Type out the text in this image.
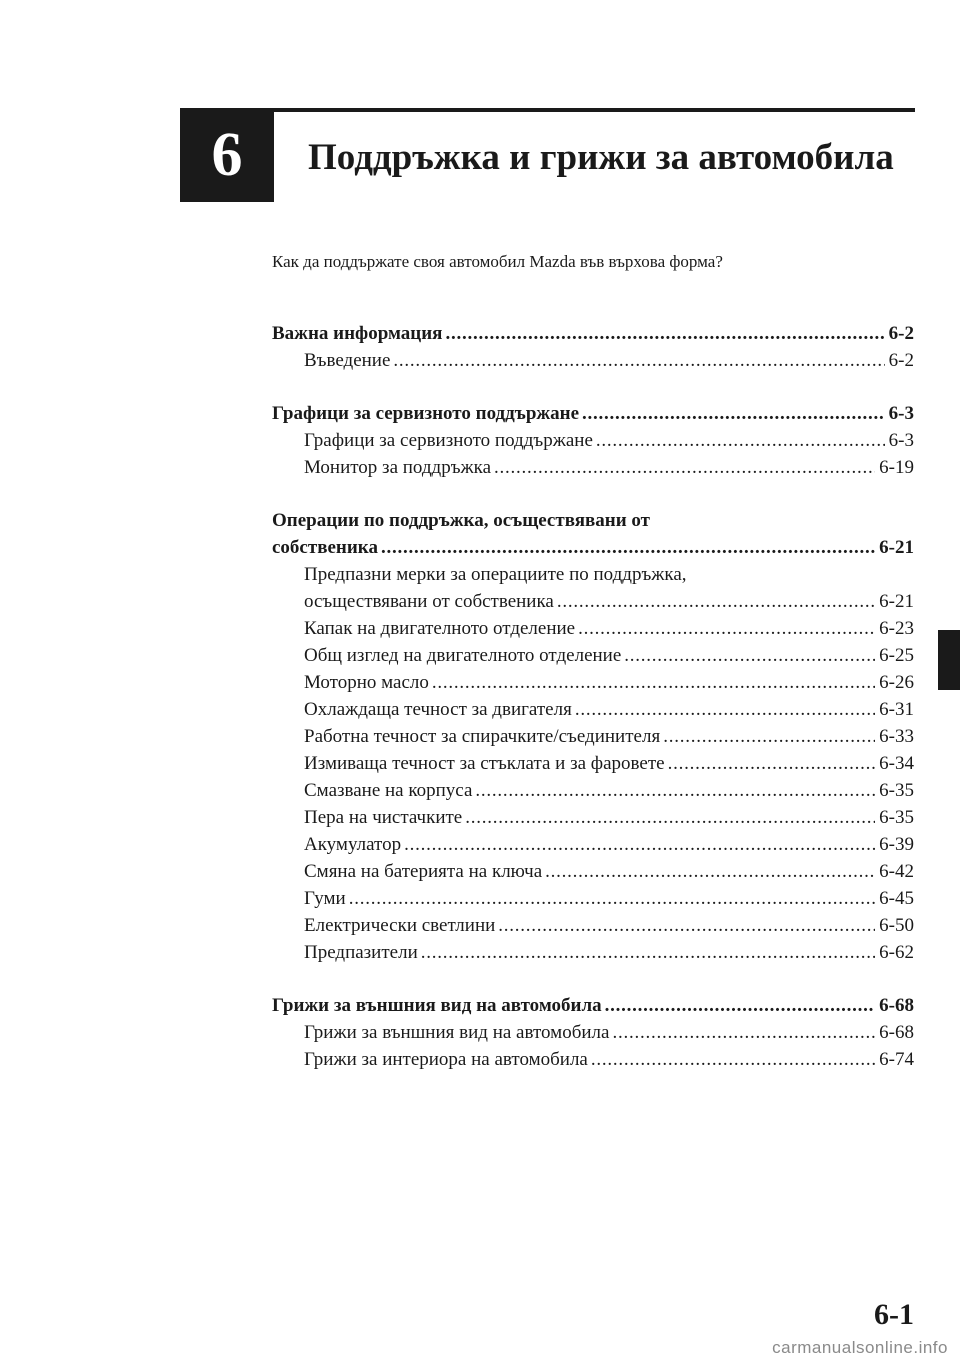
6 Поддръжка и грижи за автомобила
Как да поддържате своя автомобил Mazda във върхова форма?
Важна информация . . .	6-2
Въведение . . .	6-2
Графици за сервизното поддържане . . .	6-3
Графици за сервизното поддържане . . .	6-3
Монитор за поддръжка . . .	6-19
Операции по поддръжка, осъществявани от
собственика . . .	6-21
Предпазни мерки за операциите по поддръжка,
осъществявани от собственика . . .	6-21
Капак на двигателното отделение . . .	6-23
Общ изглед на двигателното отделение . . .	6-25
Моторно масло . . .	6-26
Охлаждаща течност за двигателя . . .	6-31
Работна течност за спирачките/съединителя . . .	6-33
Измиваща течност за стъклата и за фаровете . . .	6-34
Смазване на корпуса . . .	6-35
Пера на чистачките . . .	6-35
Акумулатор . . .	6-39
Смяна на батерията на ключа . . .	6-42
Гуми . . .	6-45
Електрически светлини . . .	6-50
Предпазители . . .	6-62
Грижи за външния вид на автомобила . . .	6-68
Грижи за външния вид на автомобила . . .	6-68
Грижи за интериора на автомобила . . .	6-74
6-1
carmanualsonline.info
